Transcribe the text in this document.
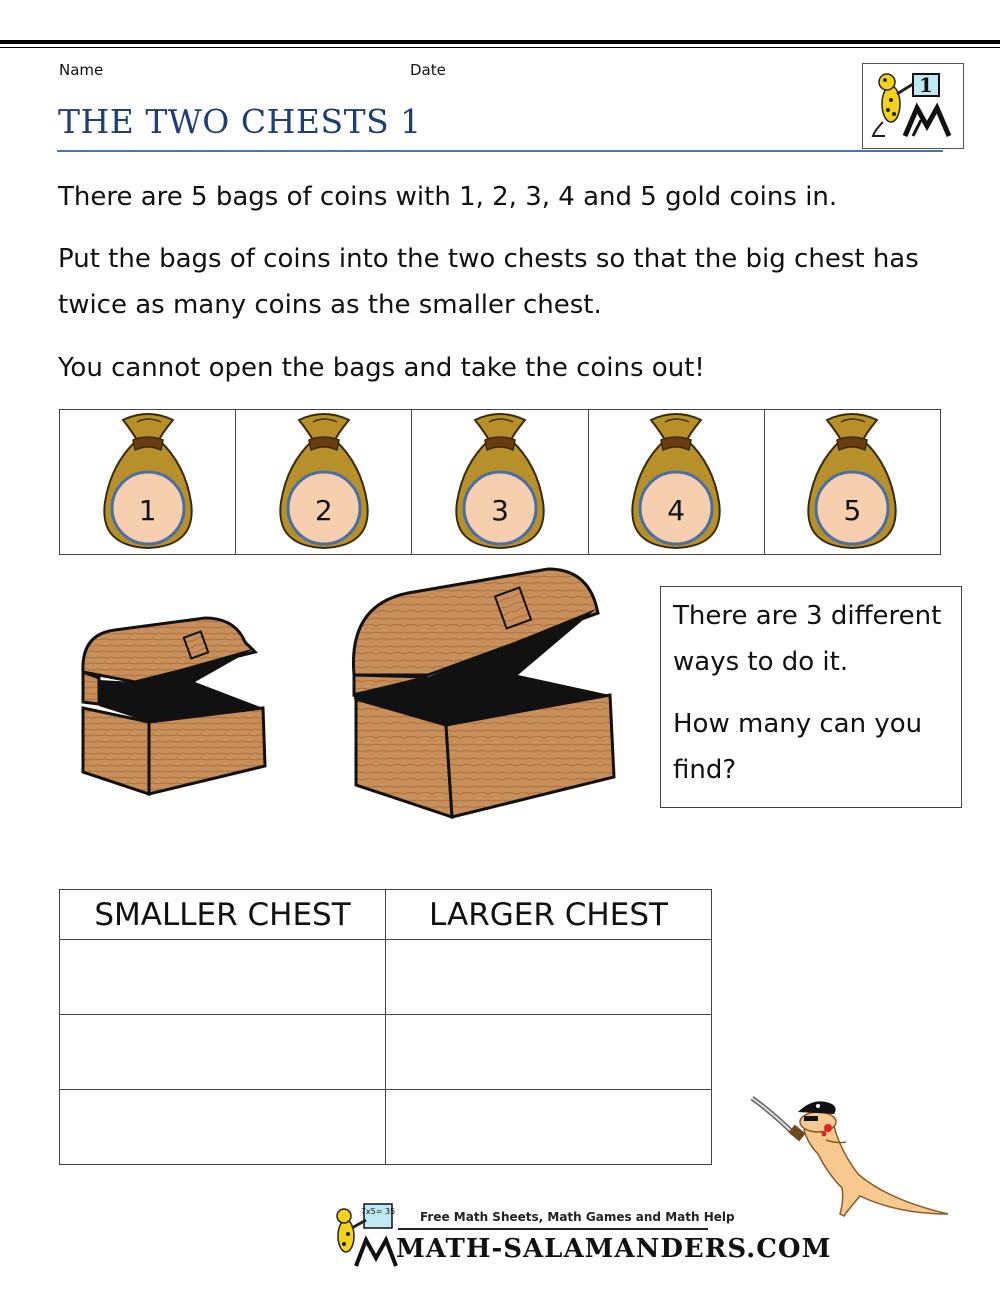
Name	Date
THE TWO CHESTS 1
1
There are 5 bags of coins with 1, 2, 3, 4 and 5 gold coins in.
Put the bags of coins into the two chests so that the big chest has twice as many coins as the smaller chest.
You cannot open the bags and take the coins out!
1	2	3	4	5

There are 3 different ways to do it.

How many can you find?

SMALLER CHEST	LARGER CHEST

7x5= 35 Free Math Sheets, Math Games and Math Help
MATH-SALAMANDERS.COM
